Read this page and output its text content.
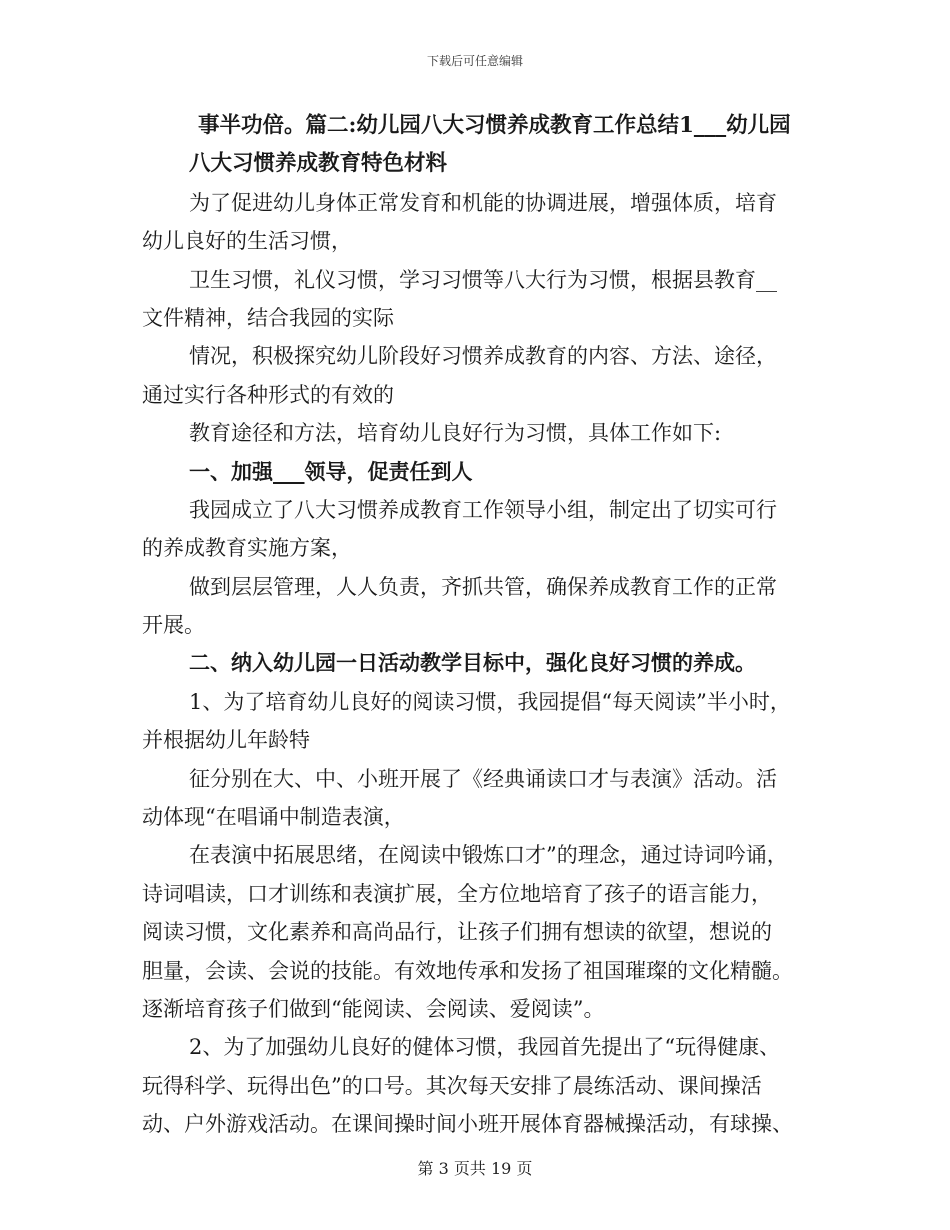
下载后可任意编辑
事半功倍。篇二:幼儿园八大习惯养成教育工作总结1___幼儿园
八大习惯养成教育特色材料
为了促进幼儿身体正常发育和机能的协调进展，增强体质，培育
幼儿良好的生活习惯，
卫生习惯，礼仪习惯，学习习惯等八大行为习惯，根据县教育__
文件精神，结合我园的实际
情况，积极探究幼儿阶段好习惯养成教育的内容、方法、途径，
通过实行各种形式的有效的
教育途径和方法，培育幼儿良好行为习惯，具体工作如下:
一、加强___领导，促责任到人
我园成立了八大习惯养成教育工作领导小组，制定出了切实可行
的养成教育实施方案，
做到层层管理，人人负责，齐抓共管，确保养成教育工作的正常
开展。
二、纳入幼儿园一日活动教学目标中，强化良好习惯的养成。
1、为了培育幼儿良好的阅读习惯，我园提倡“每天阅读”半小时，
并根据幼儿年龄特
征分别在大、中、小班开展了《经典诵读口才与表演》活动。活
动体现“在唱诵中制造表演，
在表演中拓展思绪，在阅读中锻炼口才”的理念，通过诗词吟诵，
诗词唱读，口才训练和表演扩展，全方位地培育了孩子的语言能力，
阅读习惯，文化素养和高尚品行，让孩子们拥有想读的欲望，想说的
胆量，会读、会说的技能。有效地传承和发扬了祖国璀璨的文化精髓。
逐渐培育孩子们做到“能阅读、会阅读、爱阅读”。
2、为了加强幼儿良好的健体习惯，我园首先提出了“玩得健康、
玩得科学、玩得出色”的口号。其次每天安排了晨练活动、课间操活
动、户外游戏活动。在课间操时间小班开展体育器械操活动，有球操、
第 3 页共 19 页
